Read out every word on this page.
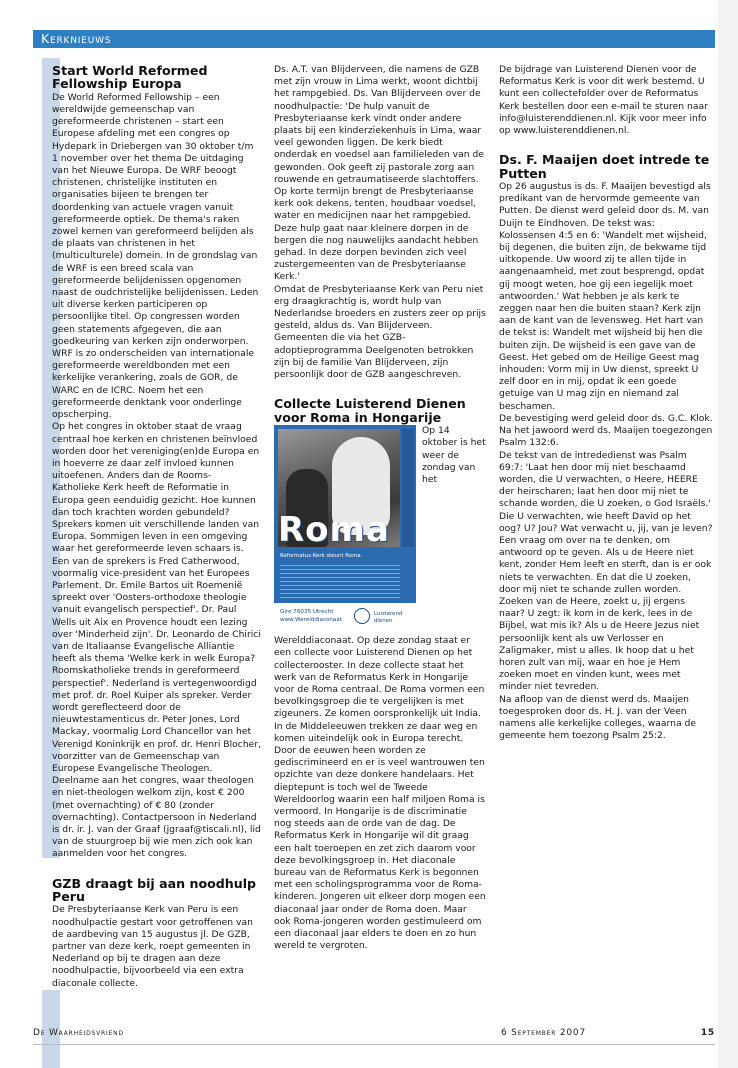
Kerknieuws
Start World Reformed Fellowship Europa

De World Reformed Fellowship – een wereldwijde gemeenschap van gereformeerde christenen – start een Europese afdeling met een congres op Hydepark in Driebergen van 30 oktober t/m 1 november over het thema De uitdaging van het Nieuwe Europa. De WRF beoogt christenen, christelijke instituten en organisaties bijeen te brengen ter doordenking van actuele vragen vanuit gereformeerde optiek. De thema's raken zowel kernen van gereformeerd belijden als de plaats van christenen in het (multiculturele) domein. In de grondslag van de WRF is een breed scala van gereformeerde belijdenissen opgenomen naast de oudchristelijke belijdenissen. Leden uit diverse kerken participeren op persoonlijke titel. Op congressen worden geen statements afgegeven, die aan goedkeuring van kerken zijn onderworpen. WRF is zo onderscheiden van internationale gereformeerde wereldbonden met een kerkelijke verankering, zoals de GOR, de WARC en de ICRC. Noem het een gereformeerde denktank voor onderlinge opscherping.

Op het congres in oktober staat de vraag centraal hoe kerken en christenen beïnvloed worden door het vereniging(en)de Europa en in hoeverre ze daar zelf invloed kunnen uitoefenen. Anders dan de Rooms- Katholieke Kerk heeft de Reformatie in Europa geen eenduidig gezicht. Hoe kunnen dan toch krachten worden gebundeld? Sprekers komen uit verschillende landen van Europa. Sommigen leven in een omgeving waar het gereformeerde leven schaars is. Een van de sprekers is Fred Catherwood, voormalig vice-president van het Europees Parlement. Dr. Emile Bartos uit Roemenië spreekt over 'Oosters-orthodoxe theologie vanuit evangelisch perspectief'. Dr. Paul Wells uit Aix en Provence houdt een lezing over 'Minderheid zijn'. Dr. Leonardo de Chirici van de Italiaanse Evangelische Alliantie heeft als thema 'Welke kerk in welk Europa? Roomskatholieke trends in gereformeerd perspectief'. Nederland is vertegenwoordigd met prof. dr. Roel Kuiper als spreker. Verder wordt gereflecteerd door de nieuwtestamenticus dr. Peter Jones, Lord Mackay, voormalig Lord Chancellor van het Verenigd Koninkrijk en prof. dr. Henri Blocher, voorzitter van de Gemeenschap van Europese Evangelische Theologen.

Deelname aan het congres, waar theologen en niet-theologen welkom zijn, kost € 200 (met overnachting) of € 80 (zonder overnachting). Contactpersoon in Nederland is dr. ir. J. van der Graaf (jgraaf@tiscali.nl), lid van de stuurgroep bij wie men zich ook kan aanmelden voor het congres.

GZB draagt bij aan noodhulp Peru

De Presbyteriaanse Kerk van Peru is een noodhulpactie gestart voor getroffenen van de aardbeving van 15 augustus jl. De GZB, partner van deze kerk, roept gemeenten in Nederland op bij te dragen aan deze noodhulpactie, bijvoorbeeld via een extra diaconale collecte.

Ds. A.T. van Blijderveen, die namens de GZB met zijn vrouw in Lima werkt, woont dichtbij het rampgebied. Ds. Van Blijderveen over de noodhulpactie: 'De hulp vanuit de Presbyteriaanse kerk vindt onder andere plaats bij een kinderziekenhuis in Lima, waar veel gewonden liggen. De kerk biedt onderdak en voedsel aan familieleden van de gewonden. Ook geeft zij pastorale zorg aan rouwende en getraumatiseerde slachtoffers.

Op korte termijn brengt de Presbyteriaanse kerk ook dekens, tenten, houdbaar voedsel, water en medicijnen naar het rampgebied. Deze hulp gaat naar kleinere dorpen in de bergen die nog nauwelijks aandacht hebben gehad. In deze dorpen bevinden zich veel zustergemeenten van de Presbyteriaanse Kerk.'

Omdat de Presbyteriaanse Kerk van Peru niet erg draagkrachtig is, wordt hulp van Nederlandse broeders en zusters zeer op prijs gesteld, aldus ds. Van Blijderveen. Gemeenten die via het GZB-adoptieprogramma Deelgenoten betrokken zijn bij de familie Van Blijderveen, zijn persoonlijk door de GZB aangeschreven.

Collecte Luisterend Dienen voor Roma in Hongarije
Roma
Reformatus Kerk steunt Roma
Giro 76035 Utrecht
www.Werelddiaconaat
Luisterend dienen

Op 14 oktober is het weer de zondag van het Werelddiaconaat. Op deze zondag staat er een collecte voor Luisterend Dienen op het collecterooster. In deze collecte staat het werk van de Reformatus Kerk in Hongarije voor de Roma centraal. De Roma vormen een bevolkingsgroep die te vergelijken is met zigeuners. Ze komen oorspronkelijk uit India. In de Middeleeuwen trekken ze daar weg en komen uiteindelijk ook in Europa terecht. Door de eeuwen heen worden ze gediscrimineerd en er is veel wantrouwen ten opzichte van deze donkere handelaars. Het dieptepunt is toch wel de Tweede Wereldoorlog waarin een half miljoen Roma is vermoord. In Hongarije is de discriminatie nog steeds aan de orde van de dag. De Reformatus Kerk in Hongarije wil dit graag een halt toeroepen en zet zich daarom voor deze bevolkingsgroep in. Het diaconale bureau van de Reformatus Kerk is begonnen met een scholingsprogramma voor de Roma-kinderen. Jongeren uit elkeer dorp mogen een diaconaal jaar onder de Roma doen. Maar ook Roma-jongeren worden gestimuleerd om een diaconaal jaar elders te doen en zo hun wereld te vergroten.

De bijdrage van Luisterend Dienen voor de Reformatus Kerk is voor dit werk bestemd. U kunt een collectefolder over de Reformatus Kerk bestellen door een e-mail te sturen naar info@luisterenddienen.nl. Kijk voor meer info op www.luisterenddienen.nl.

Ds. F. Maaijen doet intrede te Putten

Op 26 augustus is ds. F. Maaijen bevestigd als predikant van de hervormde gemeente van Putten. De dienst werd geleid door ds. M. van Duijn te Eindhoven. De tekst was: Kolossensen 4:5 en 6: 'Wandelt met wijsheid, bij degenen, die buiten zijn, de bekwame tijd uitkopende. Uw woord zij te allen tijde in aangenaamheid, met zout besprengd, opdat gij moogt weten, hoe gij een iegelijk moet antwoorden.' Wat hebben je als kerk te zeggen naar hen die buiten staan? Kerk zijn aan de kant van de levensweg. Het hart van de tekst is: Wandelt met wijsheid bij hen die buiten zijn. De wijsheid is een gave van de Geest. Het gebed om de Heilige Geest mag inhouden: Vorm mij in Uw dienst, spreekt U zelf door en in mij, opdat ik een goede getuige van U mag zijn en niemand zal beschamen.

De bevestiging werd geleid door ds. G.C. Klok. Na het jawoord werd ds. Maaijen toegezongen Psalm 132:6.

De tekst van de intrededienst was Psalm 69:7: 'Laat hen door mij niet beschaamd worden, die U verwachten, o Heere, HEERE der heirscharen; laat hen door mij niet te schande worden, die U zoeken, o God Israëls.'

Die U verwachten, wie heeft David op het oog? U? Jou? Wat verwacht u, jij, van je leven? Een vraag om over na te denken, om antwoord op te geven. Als u de Heere niet kent, zonder Hem leeft en sterft, dan is er ook niets te verwachten. En dat die U zoeken, door mij niet te schande zullen worden. Zoeken van de Heere, zoekt u, jij ergens naar? U zegt: ik kom in de kerk, lees in de Bijbel, wat mis ik? Als u de Heere Jezus niet persoonlijk kent als uw Verlosser en Zaligmaker, mist u alles. Ik hoop dat u het horen zult van mij, waar en hoe je Hem zoeken moet en vinden kunt, wees met minder niet tevreden.

Na afloop van de dienst werd ds. Maaijen toegesproken door ds. H. J. van der Veen namens alle kerkelijke colleges, waarna de gemeente hem toezong Psalm 25:2.

De Waarheidsvriend	6 September 2007	15
